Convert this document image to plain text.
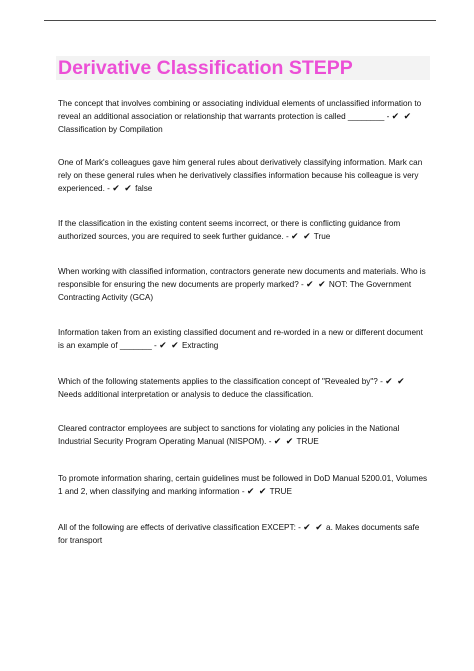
Derivative Classification STEPP
The concept that involves combining or associating individual elements of unclassified information to reveal an additional association or relationship that warrants protection is called ________ - ✔ ✔ Classification by Compilation
One of Mark's colleagues gave him general rules about derivatively classifying information. Mark can rely on these general rules when he derivatively classifies information because his colleague is very experienced. - ✔ ✔ false
If the classification in the existing content seems incorrect, or there is conflicting guidance from authorized sources, you are required to seek further guidance. - ✔ ✔ True
When working with classified information, contractors generate new documents and materials. Who is responsible for ensuring the new documents are properly marked? - ✔ ✔ NOT: The Government Contracting Activity (GCA)
Information taken from an existing classified document and re-worded in a new or different document is an example of _______ - ✔ ✔ Extracting
Which of the following statements applies to the classification concept of "Revealed by"? - ✔ ✔ Needs additional interpretation or analysis to deduce the classification.
Cleared contractor employees are subject to sanctions for violating any policies in the National Industrial Security Program Operating Manual (NISPOM). - ✔ ✔ TRUE
To promote information sharing, certain guidelines must be followed in DoD Manual 5200.01, Volumes 1 and 2, when classifying and marking information - ✔ ✔ TRUE
All of the following are effects of derivative classification EXCEPT: - ✔ ✔ a. Makes documents safe for transport
